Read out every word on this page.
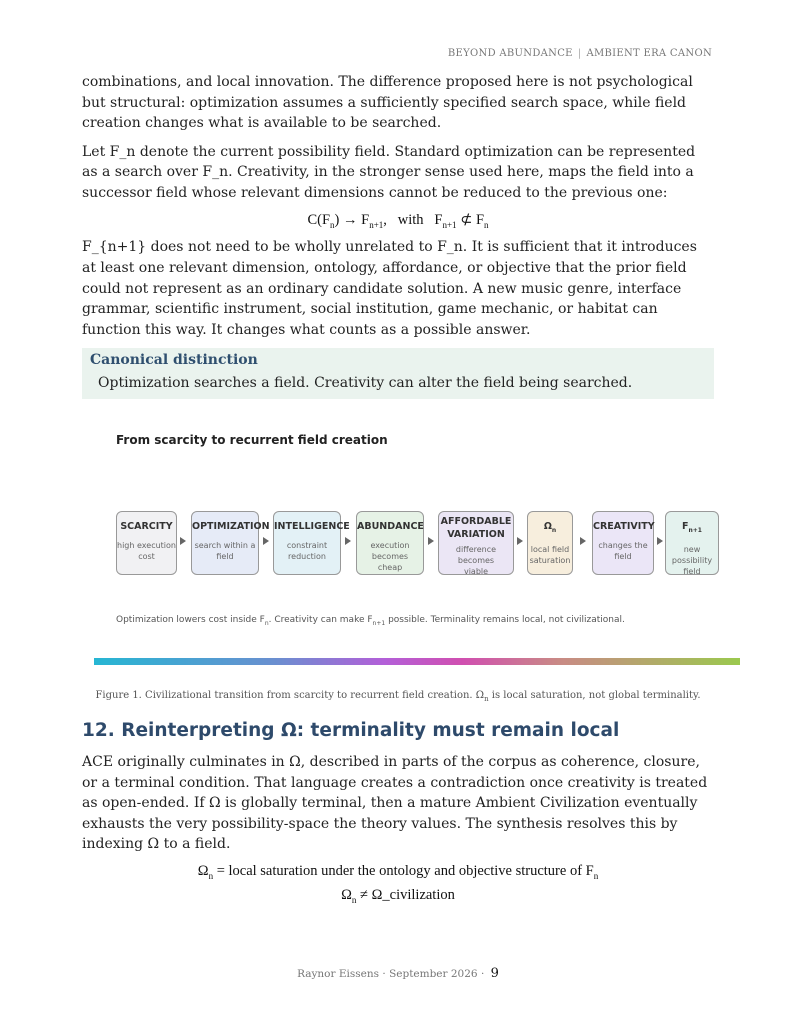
BEYOND ABUNDANCE | AMBIENT ERA CANON

combinations, and local innovation. The difference proposed here is not psychological but structural: optimization assumes a sufficiently specified search space, while field creation changes what is available to be searched.

Let F_n denote the current possibility field. Standard optimization can be represented as a search over F_n. Creativity, in the stronger sense used here, maps the field into a successor field whose relevant dimensions cannot be reduced to the previous one:

$C(F_n) \to F_{n+1}$,   with   $F_{n+1}$ ⊄ $F_n$

F_{n+1} does not need to be wholly unrelated to F_n. It is sufficient that it introduces at least one relevant dimension, ontology, affordance, or objective that the prior field could not represent as an ordinary candidate solution. A new music genre, interface grammar, scientific instrument, social institution, game mechanic, or habitat can function this way. It changes what counts as a possible answer.

Canonical distinction
Optimization searches a field. Creativity can alter the field being searched.
From scarcity to recurrent field creation
SCARCITY
high execution
cost
OPTIMIZATION
search within a
field
INTELLIGENCE
constraint
reduction
ABUNDANCE
execution becomes
cheap
AFFORDABLE
VARIATION
difference becomes
viable
$\Omega_n$
local field
saturation
CREATIVITY
changes the field
$F_{n+1}$
new possibility
field
Optimization lowers cost inside $F_n$. Creativity can make $F_{n+1}$ possible. Terminality remains local, not civilizational.
Figure 1. Civilizational transition from scarcity to recurrent field creation. $\Omega_n$ is local saturation, not global terminality.
12. Reinterpreting Ω: terminality must remain local

ACE originally culminates in Ω, described in parts of the corpus as coherence, closure, or a terminal condition. That language creates a contradiction once creativity is treated as open-ended. If Ω is globally terminal, then a mature Ambient Civilization eventually exhausts the very possibility-space the theory values. The synthesis resolves this by indexing Ω to a field.

$\Omega_n$ = local saturation under the ontology and objective structure of $F_n$
$\Omega_n$ ≠ Ω_civilization
Raynor Eissens · September 2026 · 9
